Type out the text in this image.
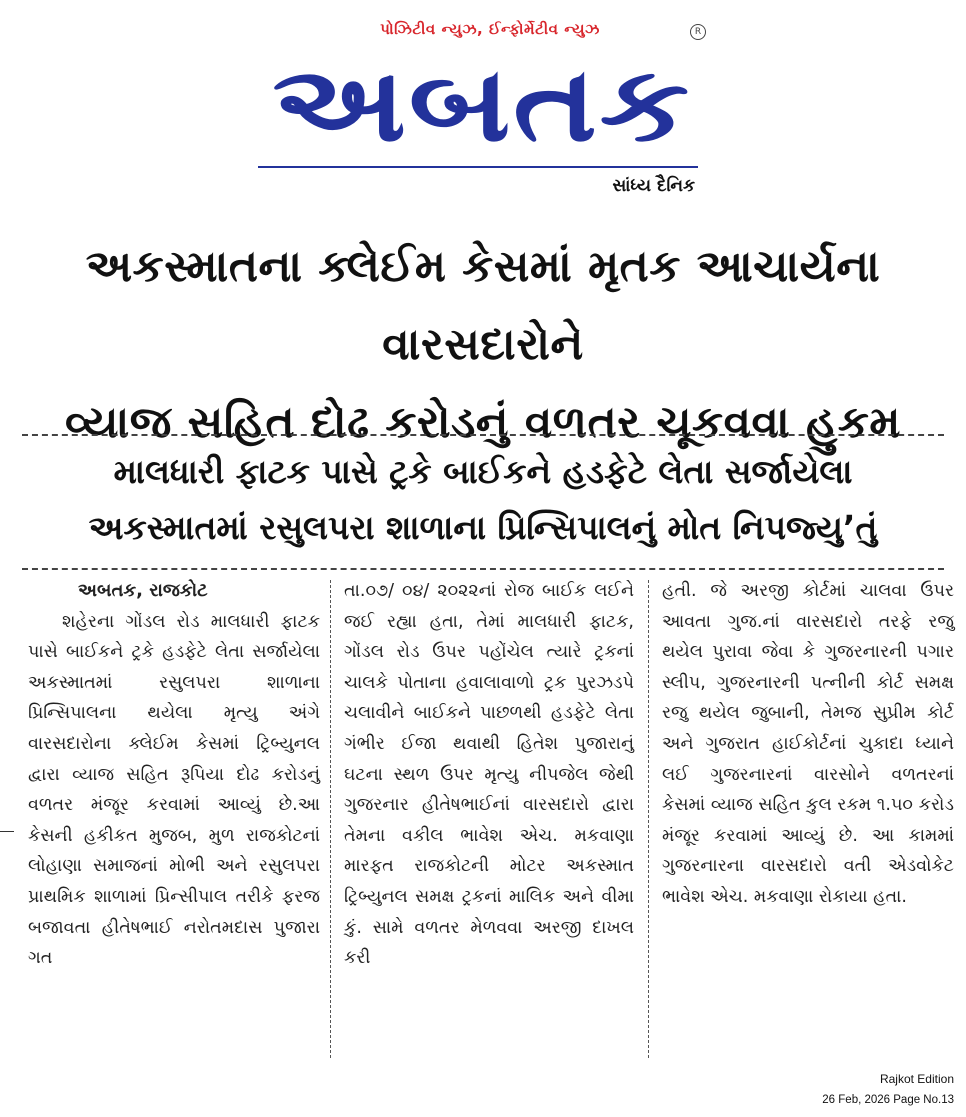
પોઝિટીવ ન્યુઝ, ઈન્ફોર્મેટીવ ન્યુઝ	R
અબતક
સાંધ્ય દૈનિક
અકસ્માતના ક્લેઈમ કેસમાં મૃતક આચાર્યના વારસદારોને
વ્યાજ સહિત દોઢ કરોડનું વળતર ચૂકવવા હુકમ
માલધારી ફાટક પાસે ટ્રકે બાઈકને હડફેટે લેતા સર્જાયેલા
અકસ્માતમાં રસુલપરા શાળાના પ્રિન્સિપાલનું મોત નિપજ્યુ’તું
અબતક, રાજકોટ
શહેરના ગોંડલ રોડ માલધારી ફાટક પાસે બાઈકને ટ્રકે હડફેટે લેતા સર્જાયેલા અકસ્માતમાં રસુલપરા શાળાના પ્રિન્સિપાલના થયેલા મૃત્યુ અંગે વારસદારોના ક્લેઈમ કેસમાં ટ્રિબ્યુનલ દ્વારા વ્યાજ સહિત રૂપિયા દોઢ કરોડનું વળતર મંજૂર કરવામાં આવ્યું છે.આ કેસની હકીકત મુજબ, મુળ રાજકોટનાં લોહાણા સમાજનાં મોભી અને રસુલપરા પ્રાથમિક શાળામાં પ્રિન્સીપાલ તરીકે ફરજ બજાવતા હીતેષભાઈ નરોતમદાસ પુજારા ગત
તા.૦૭/ ૦૪/ ૨૦૨૨નાં રોજ બાઈક લઈને જઈ રહ્યા હતા, તેમાં માલધારી ફાટક, ગોંડલ રોડ ઉપર પહોંચેલ ત્યારે ટ્રકનાં ચાલકે પોતાના હવાલાવાળો ટ્રક પુરઝડપે ચલાવીને બાઈકને પાછળથી હડફેટે લેતા ગંભીર ઈજા થવાથી હિતેશ પુજારાનું ઘટના સ્થળ ઉપર મૃત્યુ નીપજેલ જેથી ગુજરનાર હીતેષભાઈનાં વારસદારો દ્વારા તેમના વકીલ ભાવેશ એચ. મકવાણા મારફત રાજકોટની મોટર અકસ્માત ટ્રિબ્યુનલ સમક્ષ ટ્રકનાં માલિક અને વીમા કું. સામે વળતર મેળવવા અરજી દાખલ કરી
હતી. જે અરજી કોર્ટમાં ચાલવા ઉપર આવતા ગુજ.નાં વારસદારો તરફે રજુ થયેલ પુરાવા જેવા કે ગુજરનારની પગાર સ્લીપ, ગુજરનારની પત્નીની કોર્ટ સમક્ષ રજુ થયેલ જુબાની, તેમજ સુપ્રીમ કોર્ટ અને ગુજરાત હાઈકોર્ટનાં ચુકાદા ધ્યાને લઈ ગુજરનારનાં વારસોને વળતરનાં કેસમાં વ્યાજ સહિત કુલ રકમ ૧.૫૦ કરોડ મંજૂર કરવામાં આવ્યું છે. આ કામમાં ગુજરનારના વારસદારો વતી એડવોકેટ ભાવેશ એચ. મકવાણા રોકાયા હતા.
Rajkot Edition
26 Feb, 2026 Page No.13
